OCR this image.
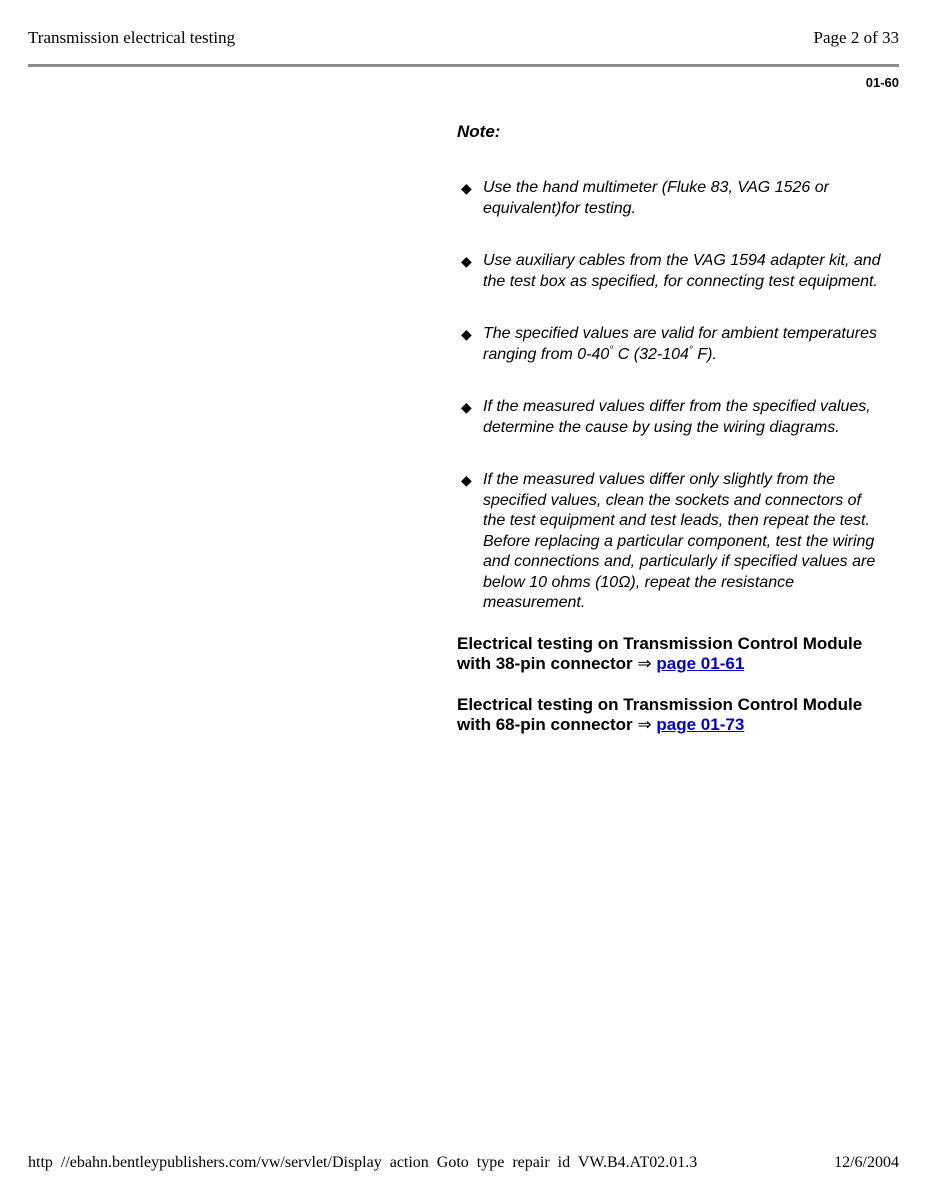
Transmission electrical testing	Page 2 of 33
01-60
Note:
◆ Use the hand multimeter (Fluke 83, VAG 1526 or equivalent)for testing.
◆ Use auxiliary cables from the VAG 1594 adapter kit, and the test box as specified, for connecting test equipment.
◆ The specified values are valid for ambient temperatures ranging from 0-40° C (32-104° F).
◆ If the measured values differ from the specified values, determine the cause by using the wiring diagrams.
◆ If the measured values differ only slightly from the specified values, clean the sockets and connectors of the test equipment and test leads, then repeat the test. Before replacing a particular component, test the wiring and connections and, particularly if specified values are below 10 ohms (10Ω), repeat the resistance measurement.
Electrical testing on Transmission Control Module with 38-pin connector ⇒ page 01-61
Electrical testing on Transmission Control Module with 68-pin connector ⇒ page 01-73
http //ebahn.bentleypublishers.com/vw/servlet/Display action Goto type repair id VW.B4.AT02.01.3	12/6/2004
